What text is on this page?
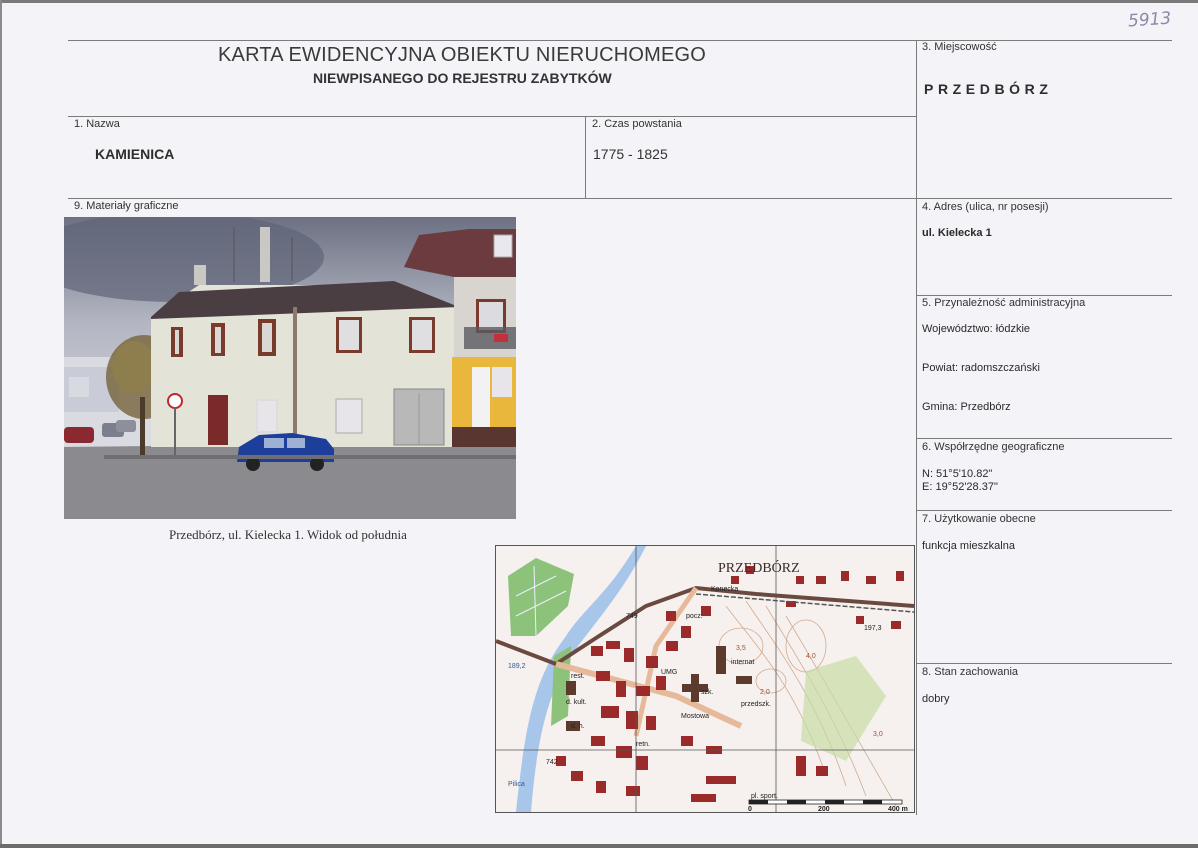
5913
KARTA EWIDENCYJNA OBIEKTU NIERUCHOMEGO
NIEWPISANEGO DO REJESTRU ZABYTKÓW
3. Miejscowość
PRZEDBÓRZ
1. Nazwa
KAMIENICA
2. Czas powstania
1775 - 1825
9. Materiały graficzne	4. Adres (ulica, nr posesji)
ul. Kielecka 1
5. Przynależność administracyjna
Województwo: łódzkie
Powiat: radomszczański
Gmina: Przedbórz
6. Współrzędne geograficzne
N: 51°5'10.82"
E: 19°52'28.37"
7. Użytkowanie obecne
funkcja mieszkalna
8. Stan zachowania
dobry
Przedbórz, ul. Kielecka 1. Widok od południa
PRZEDBÓRZ
749
Konecka
pocz.
UMG
internat
szk.
przedszk.
Mostowa
rest.
d. kult.
d. h.
retn.
pl. sport.
Pilica
742
189,2
197,3
3,5
4,0
2,0
3,0
0	200	400 m
